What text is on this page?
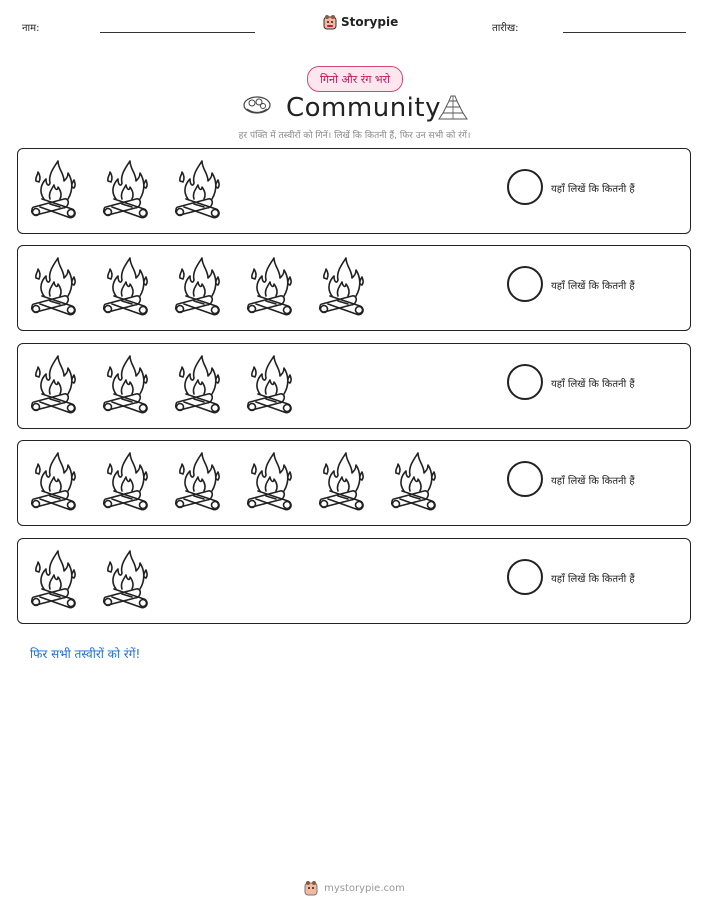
नाम:	Storypie	तारीख:
गिनो और रंग भरो
Community
हर पंक्ति में तस्वीरों को गिनें। लिखें कि कितनी हैं, फिर उन सभी को रंगें।
यहाँ लिखें कि कितनी हैं
यहाँ लिखें कि कितनी हैं
यहाँ लिखें कि कितनी हैं
यहाँ लिखें कि कितनी हैं
यहाँ लिखें कि कितनी हैं
फिर सभी तस्वीरों को रंगें!
mystorypie.com
